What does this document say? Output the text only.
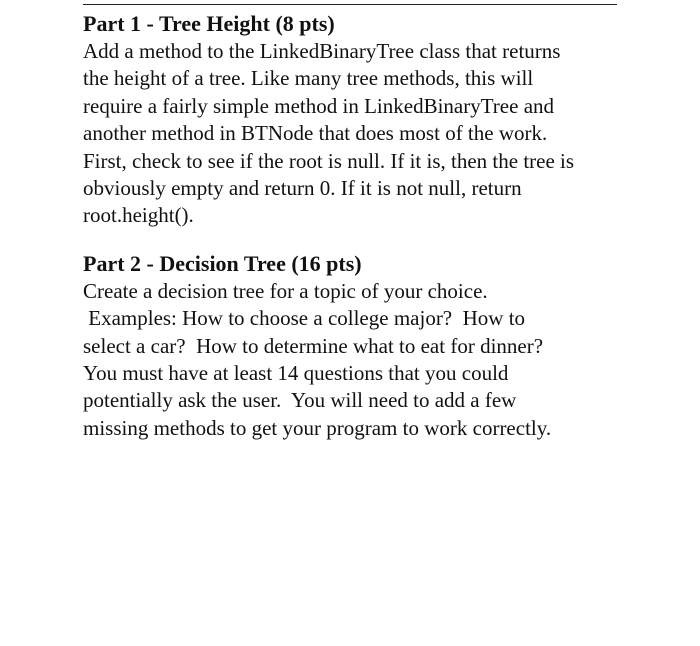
Part 1 - Tree Height (8 pts)
Add a method to the LinkedBinaryTree class that returns
the height of a tree. Like many tree methods, this will
require a fairly simple method in LinkedBinaryTree and
another method in BTNode that does most of the work.
First, check to see if the root is null. If it is, then the tree is
obviously empty and return 0. If it is not null, return
root.height().
Part 2 - Decision Tree (16 pts)
Create a decision tree for a topic of your choice.
Examples: How to choose a college major?  How to
select a car?  How to determine what to eat for dinner?
You must have at least 14 questions that you could
potentially ask the user.  You will need to add a few
missing methods to get your program to work correctly.
